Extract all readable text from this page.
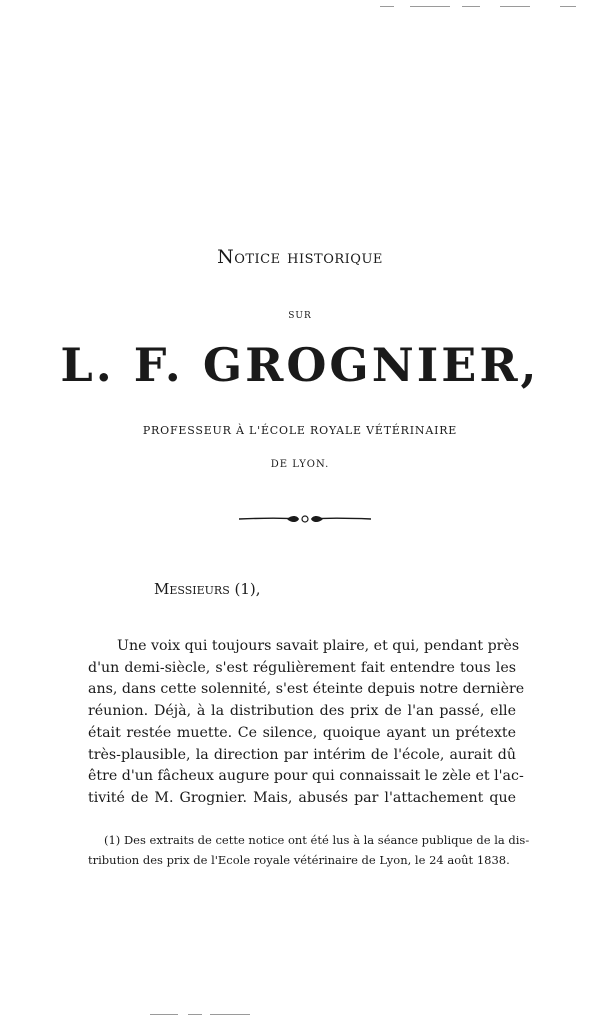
Notice historique
SUR
L. F. GROGNIER,
PROFESSEUR À L'ÉCOLE ROYALE VÉTÉRINAIRE
DE LYON.
Messieurs (1),
Une voix qui toujours savait plaire, et qui, pendant près
d'un demi-siècle, s'est régulièrement fait entendre tous les
ans, dans cette solennité, s'est éteinte depuis notre dernière
réunion. Déjà, à la distribution des prix de l'an passé, elle
était restée muette. Ce silence, quoique ayant un prétexte
très-plausible, la direction par intérim de l'école, aurait dû
être d'un fâcheux augure pour qui connaissait le zèle et l'ac-
tivité de M. Grognier. Mais, abusés par l'attachement que
(1) Des extraits de cette notice ont été lus à la séance publique de la dis-
tribution des prix de l'Ecole royale vétérinaire de Lyon, le 24 août 1838.
